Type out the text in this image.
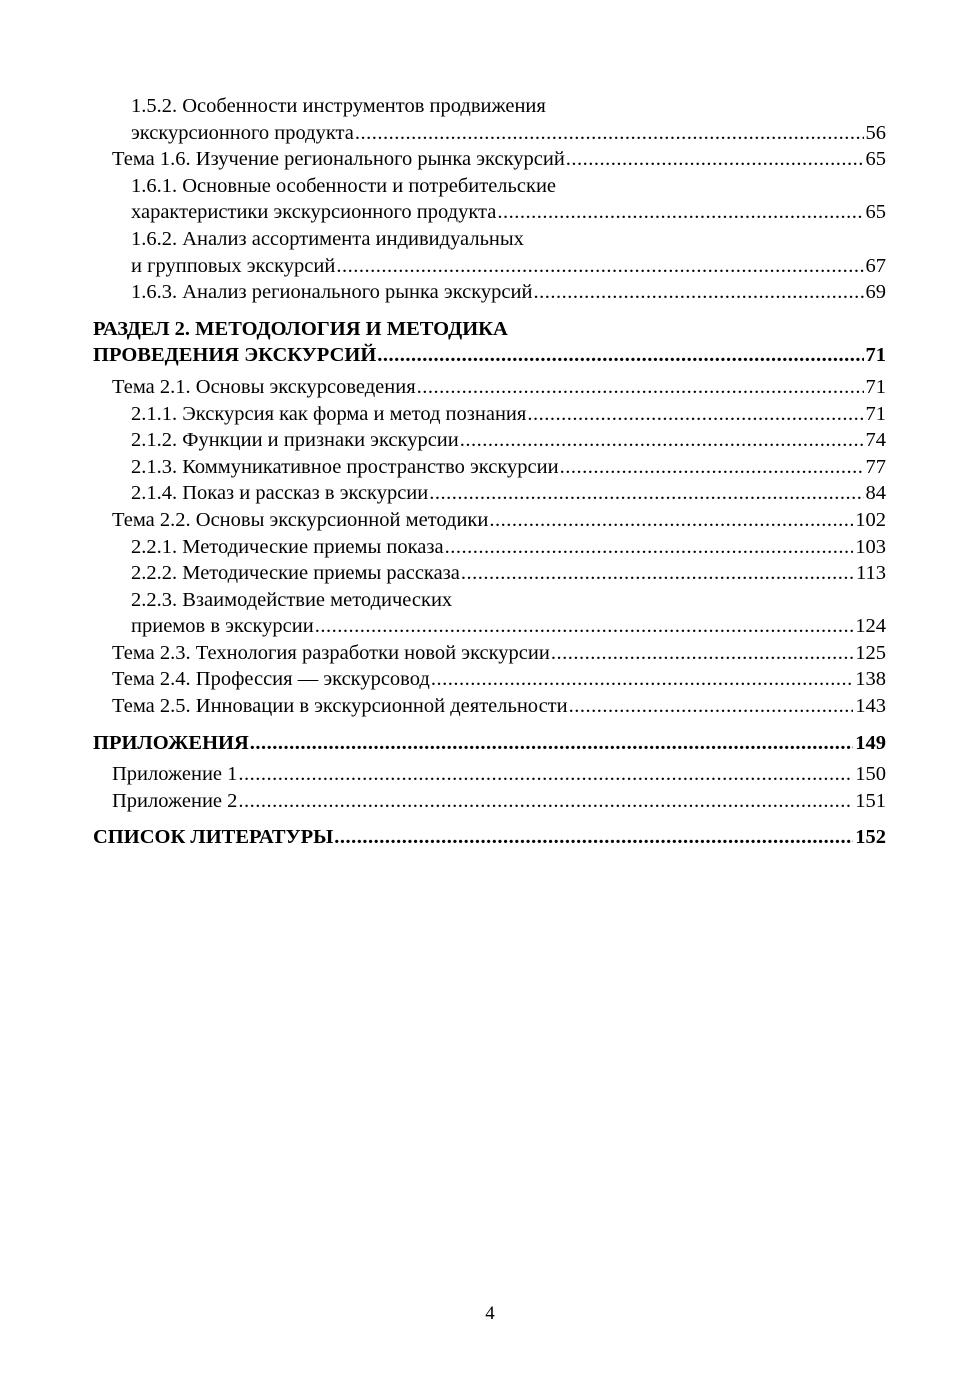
1.5.2. Особенности инструментов продвижения
экскурсионного продукта .....	56
Тема 1.6. Изучение регионального рынка экскурсий .....	65
1.6.1. Основные особенности и потребительские
характеристики экскурсионного продукта .....	65
1.6.2. Анализ ассортимента индивидуальных
и групповых экскурсий .....	67
1.6.3. Анализ регионального рынка экскурсий .....	69
РАЗДЕЛ 2. МЕТОДОЛОГИЯ И МЕТОДИКА
ПРОВЕДЕНИЯ ЭКСКУРСИЙ .....	71
Тема 2.1. Основы экскурсоведения .....	71
2.1.1. Экскурсия как форма и метод познания .....	71
2.1.2. Функции и признаки экскурсии .....	74
2.1.3. Коммуникативное пространство экскурсии .....	77
2.1.4. Показ и рассказ в экскурсии .....	84
Тема 2.2. Основы экскурсионной методики .....	102
2.2.1. Методические приемы показа .....	103
2.2.2. Методические приемы рассказа .....	113
2.2.3. Взаимодействие методических
приемов в экскурсии .....	124
Тема 2.3. Технология разработки новой экскурсии .....	125
Тема 2.4. Профессия — экскурсовод .....	138
Тема 2.5. Инновации в экскурсионной деятельности .....	143
ПРИЛОЖЕНИЯ .....	149
Приложение 1 .....	150
Приложение 2 .....	151
СПИСОК ЛИТЕРАТУРЫ .....	152
4
